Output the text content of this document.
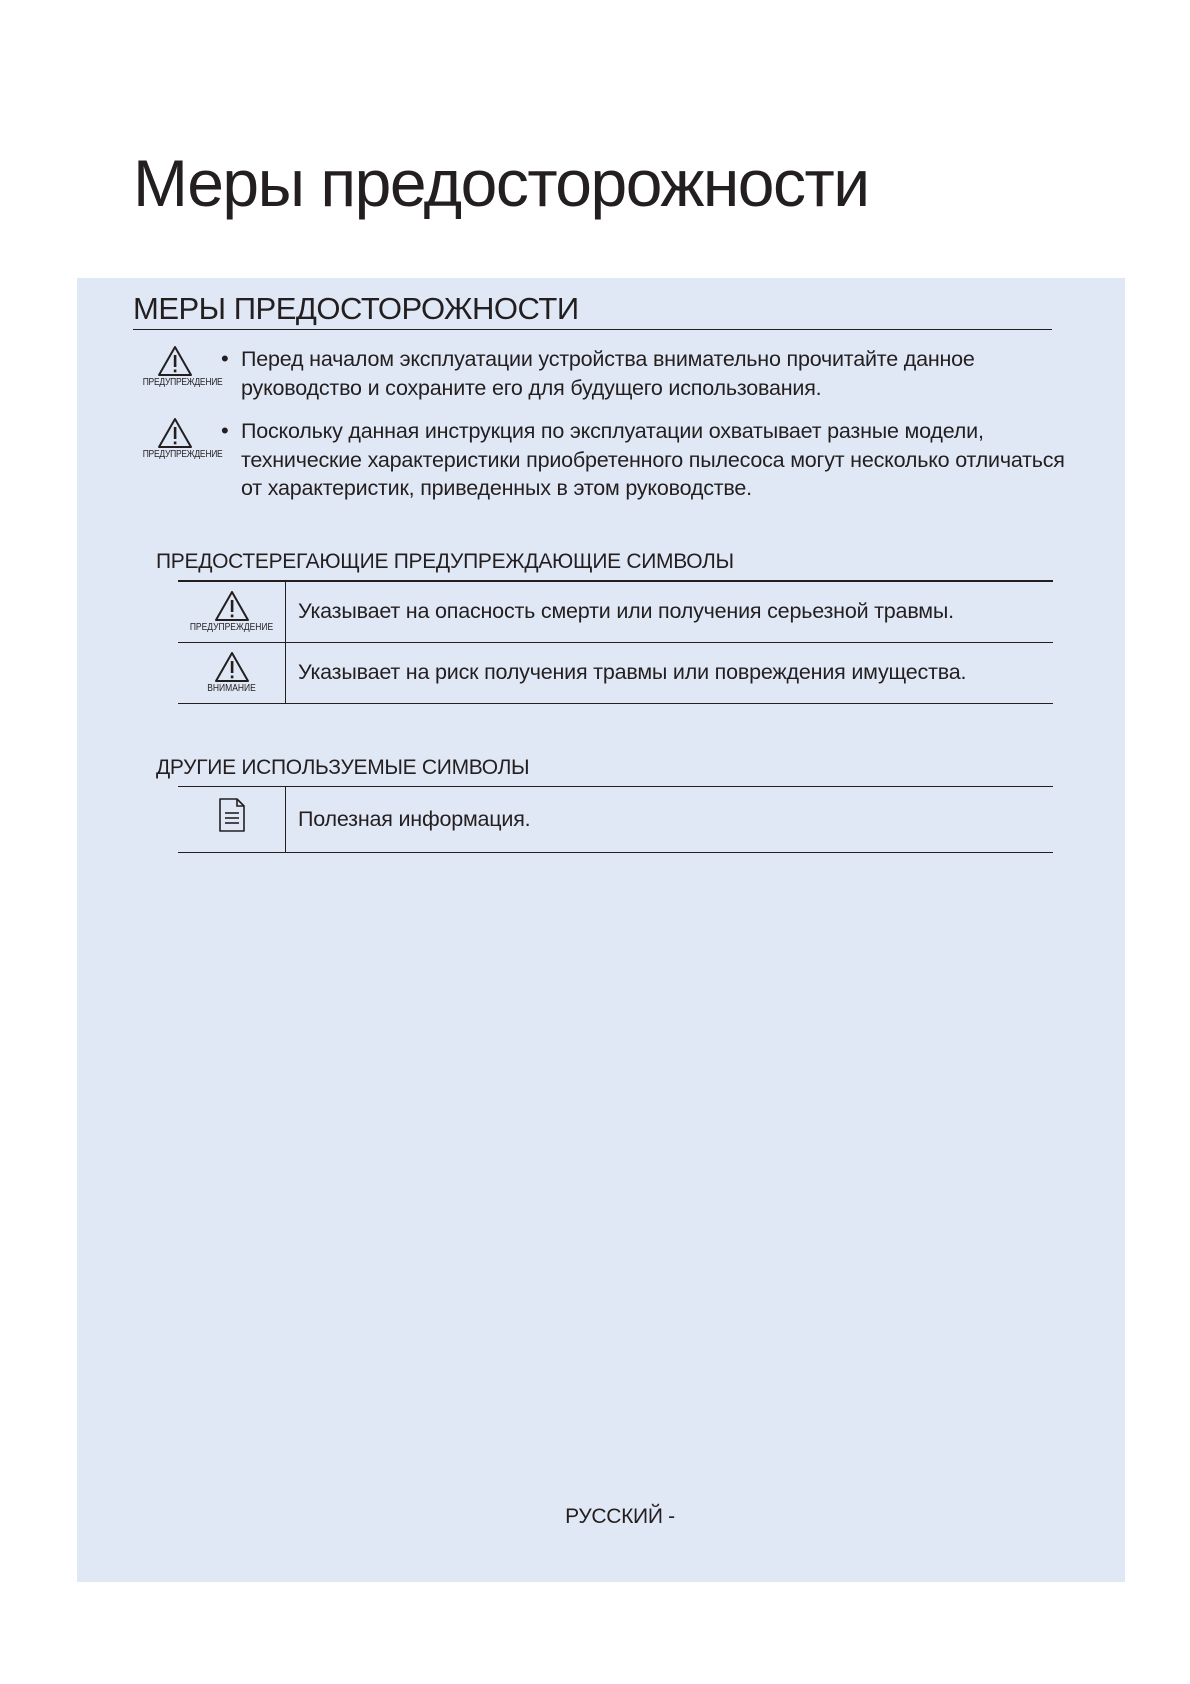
Меры предосторожности
МЕРЫ ПРЕДОСТОРОЖНОСТИ
ПРЕДУПРЕЖДЕНИЕ
• Перед началом эксплуатации устройства внимательно прочитайте данное
руководство и сохраните его для будущего использования.
ПРЕДУПРЕЖДЕНИЕ
• Поскольку данная инструкция по эксплуатации охватывает разные модели,
технические характеристики приобретенного пылесоса могут несколько отличаться
от характеристик, приведенных в этом руководстве.
ПРЕДОСТЕРЕГАЮЩИЕ ПРЕДУПРЕЖДАЮЩИЕ СИМВОЛЫ
ПРЕДУПРЕЖДЕНИЕ	Указывает на опасность смерти или получения серьезной травмы.

ВНИМАНИЕ	Указывает на риск получения травмы или повреждения имущества.
ДРУГИЕ ИСПОЛЬЗУЕМЫЕ СИМВОЛЫ
	Полезная информация.
РУССКИЙ -
